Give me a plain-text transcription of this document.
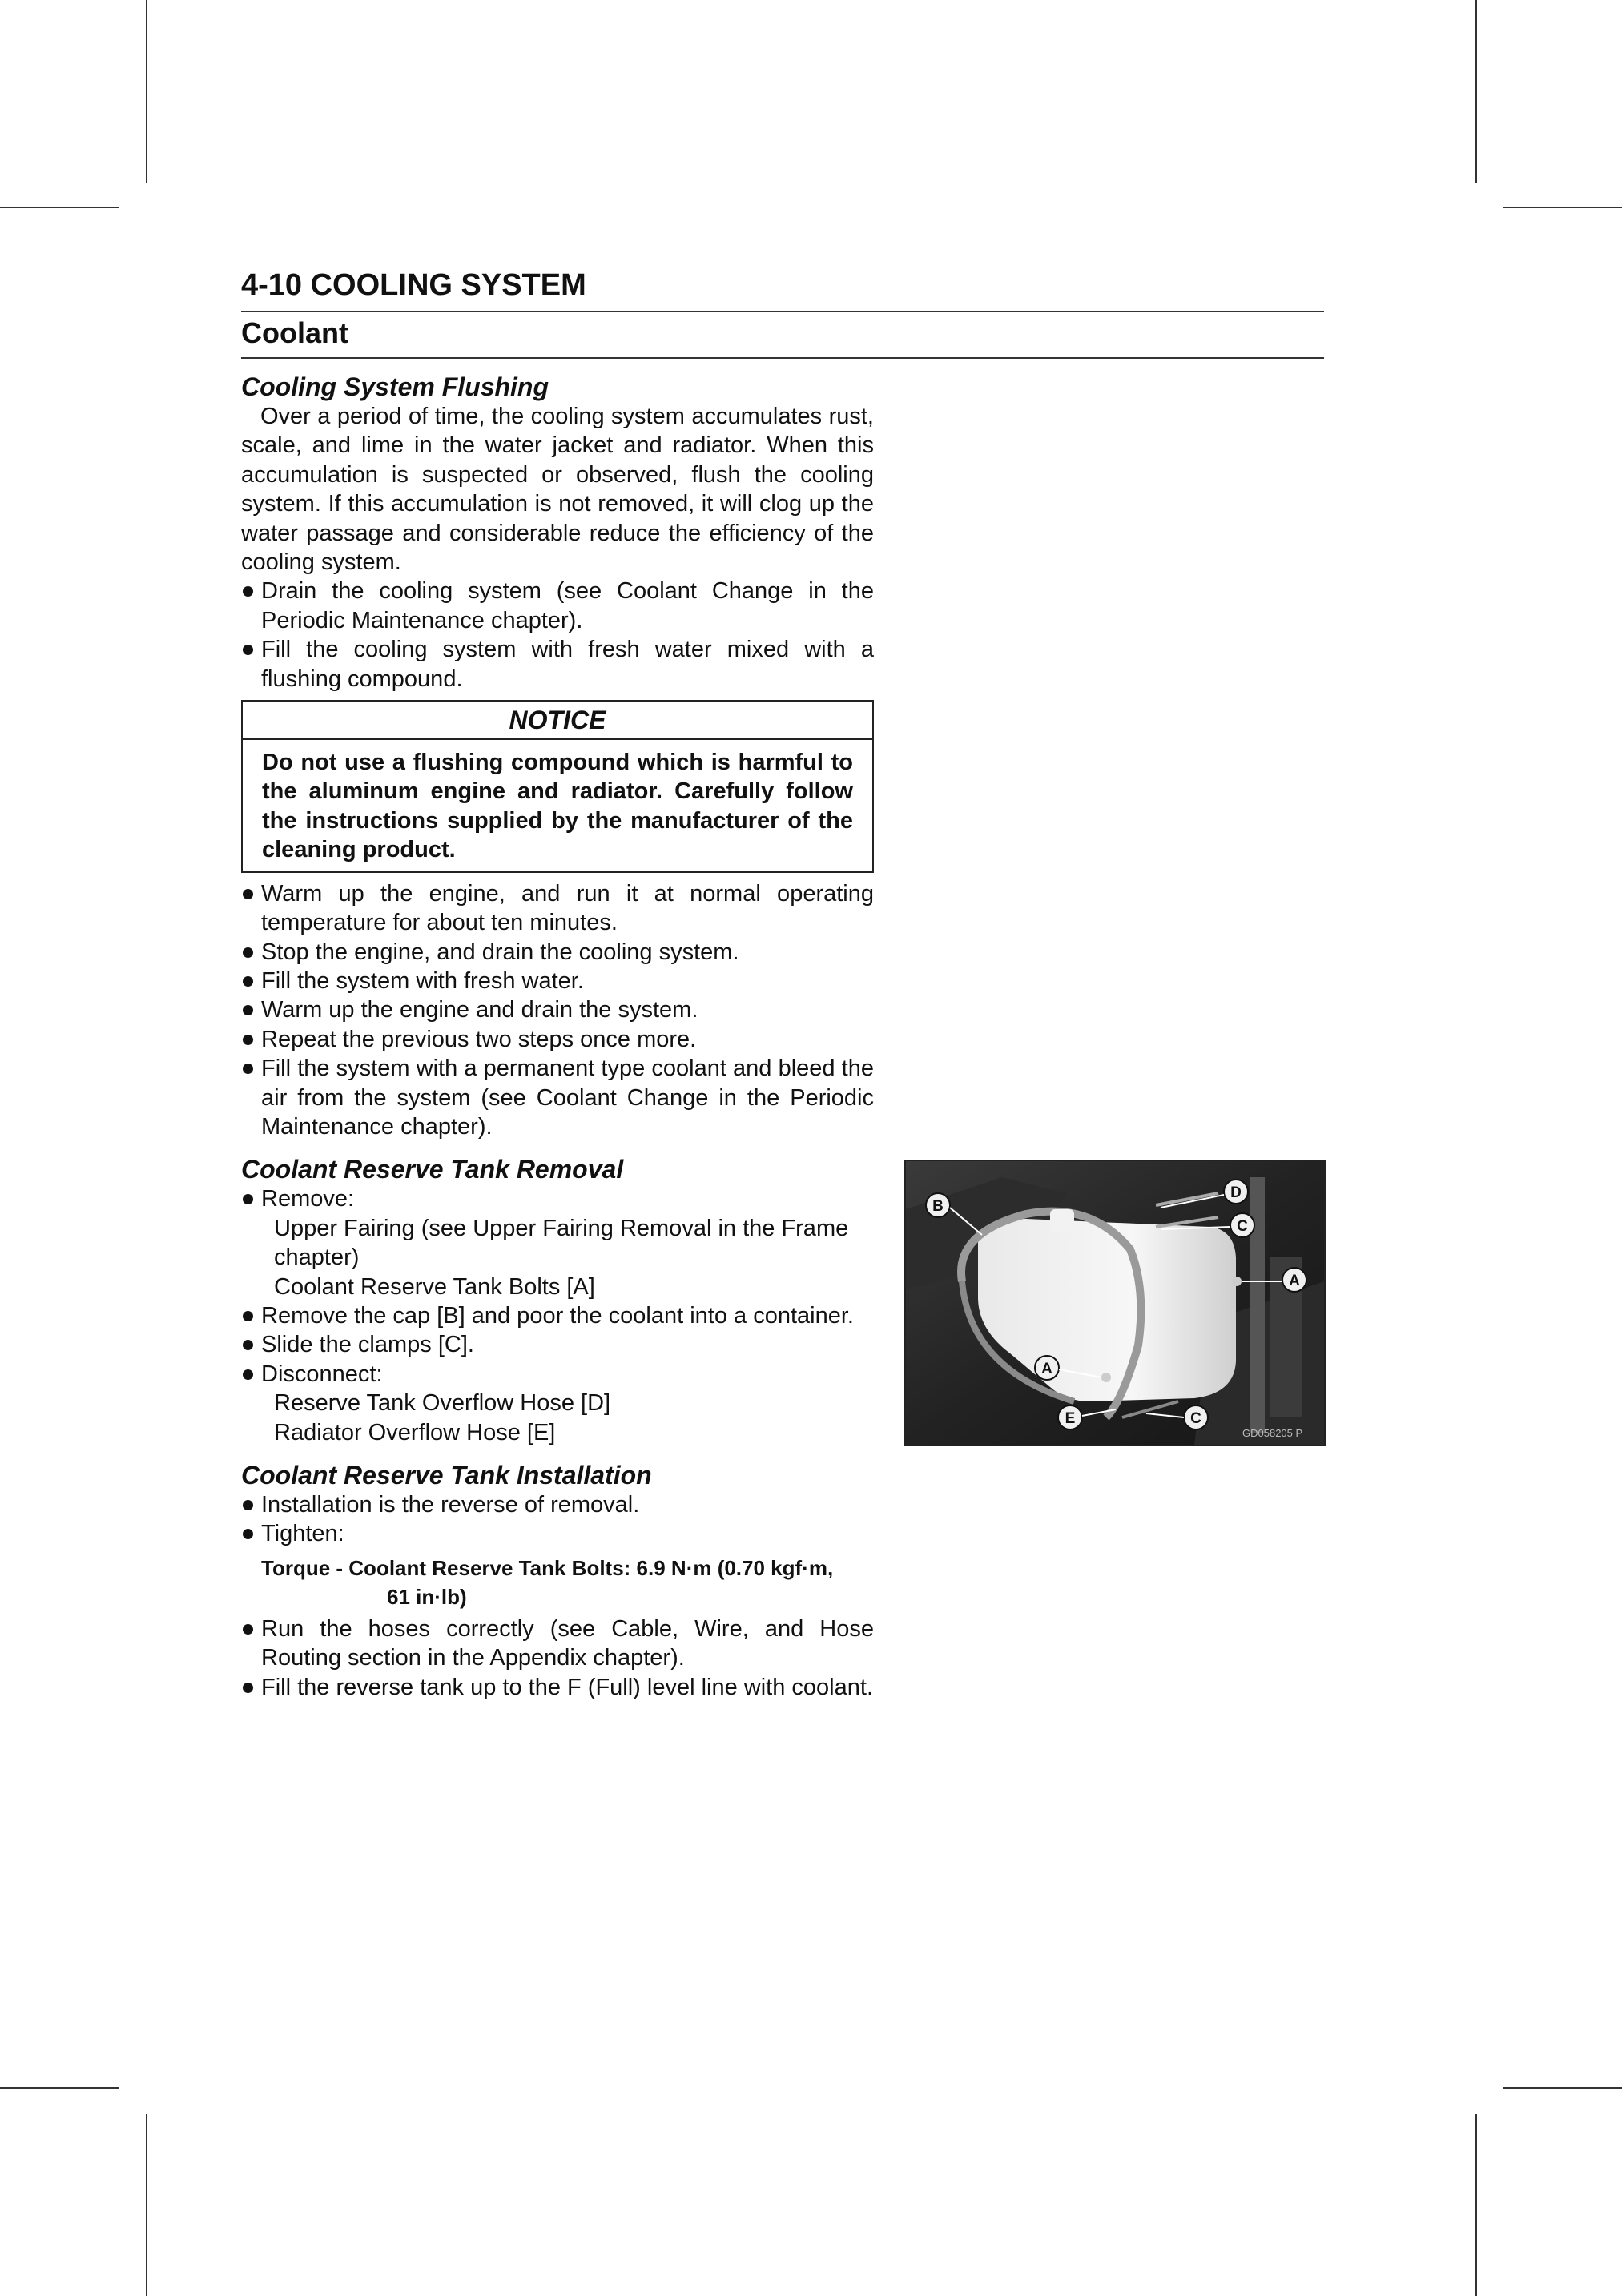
4-10 COOLING SYSTEM
Coolant
Cooling System Flushing

Over a period of time, the cooling system accumulates rust, scale, and lime in the water jacket and radiator. When this accumulation is suspected or observed, flush the cooling system. If this accumulation is not removed, it will clog up the water passage and considerable reduce the efficiency of the cooling system.

Drain the cooling system (see Coolant Change in the Periodic Maintenance chapter).
Fill the cooling system with fresh water mixed with a flushing compound.
NOTICE
Do not use a flushing compound which is harmful to the aluminum engine and radiator. Carefully follow the instructions supplied by the manufacturer of the cleaning product.
Warm up the engine, and run it at normal operating temperature for about ten minutes.
Stop the engine, and drain the cooling system.
Fill the system with fresh water.
Warm up the engine and drain the system.
Repeat the previous two steps once more.
Fill the system with a permanent type coolant and bleed the air from the system (see Coolant Change in the Periodic Maintenance chapter).
Coolant Reserve Tank Removal
Remove:
Upper Fairing (see Upper Fairing Removal in the Frame chapter)
Coolant Reserve Tank Bolts [A]
Remove the cap [B] and poor the coolant into a container.
Slide the clamps [C].
Disconnect:
Reserve Tank Overflow Hose [D]
Radiator Overflow Hose [E]
Coolant Reserve Tank Installation
Installation is the reverse of removal.
Tighten:
Torque - Coolant Reserve Tank Bolts: 6.9 N·m (0.70 kgf·m,
61 in·lb)
Run the hoses correctly (see Cable, Wire, and Hose Routing section in the Appendix chapter).
Fill the reverse tank up to the F (Full) level line with coolant.
B
D
C
A
A
E	C
GD058205 P
